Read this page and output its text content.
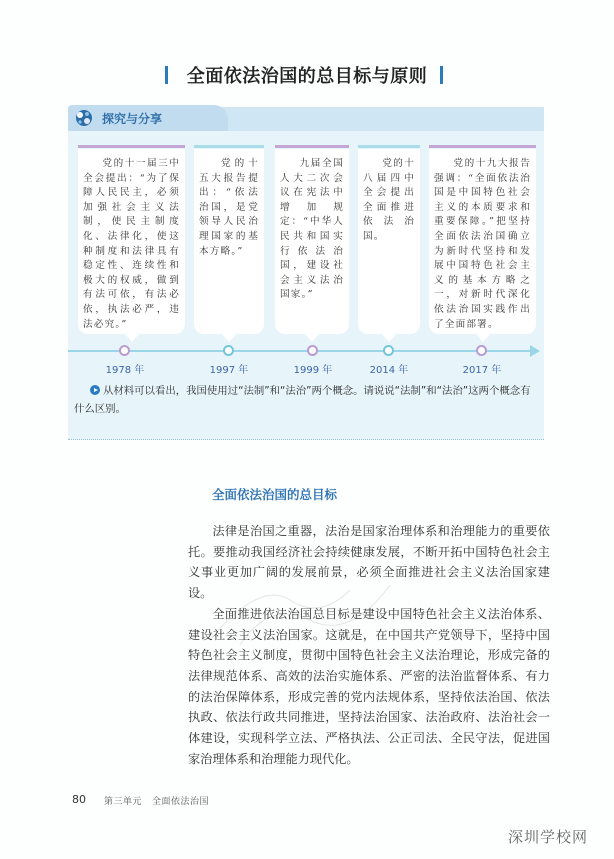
全面依法治国的总目标与原则
探究与分享
党的十一届三中全会提出：“为了保障人民民主，必须加强社会主义法制，使民主制度化、法律化，使这种制度和法律具有稳定性、连续性和极大的权威，做到有法可依，有法必依，执法必严，违法必究。”
党的十五大报告提出：“依法治国，是党领导人民治理国家的基本方略。”
九届全国人大二次会议在宪法中增加规定：“中华人民共和国实行依法治国，建设社会主义法治国家。”
党的十八届四中全会提出全面推进依法治国。
党的十九大报告强调：“全面依法治国是中国特色社会主义的本质要求和重要保障。”把坚持全面依法治国确立为新时代坚持和发展中国特色社会主义的基本方略之一，对新时代深化依法治国实践作出了全面部署。
1978 年	1997 年	1999 年	2014 年	2017 年
从材料可以看出，我国使用过“法制”和“法治”两个概念。请说说“法制”和“法治”这两个概念有什么区别。
全面依法治国的总目标

法律是治国之重器，法治是国家治理体系和治理能力的重要依托。要推动我国经济社会持续健康发展，不断开拓中国特色社会主义事业更加广阔的发展前景，必须全面推进社会主义法治国家建设。

全面推进依法治国总目标是建设中国特色社会主义法治体系、建设社会主义法治国家。这就是，在中国共产党领导下，坚持中国特色社会主义制度，贯彻中国特色社会主义法治理论，形成完备的法律规范体系、高效的法治实施体系、严密的法治监督体系、有力的法治保障体系，形成完善的党内法规体系，坚持依法治国、依法执政、依法行政共同推进，坚持法治国家、法治政府、法治社会一体建设，实现科学立法、严格执法、公正司法、全民守法，促进国家治理体系和治理能力现代化。

80 第三单元 全面依法治国
深圳学校网
